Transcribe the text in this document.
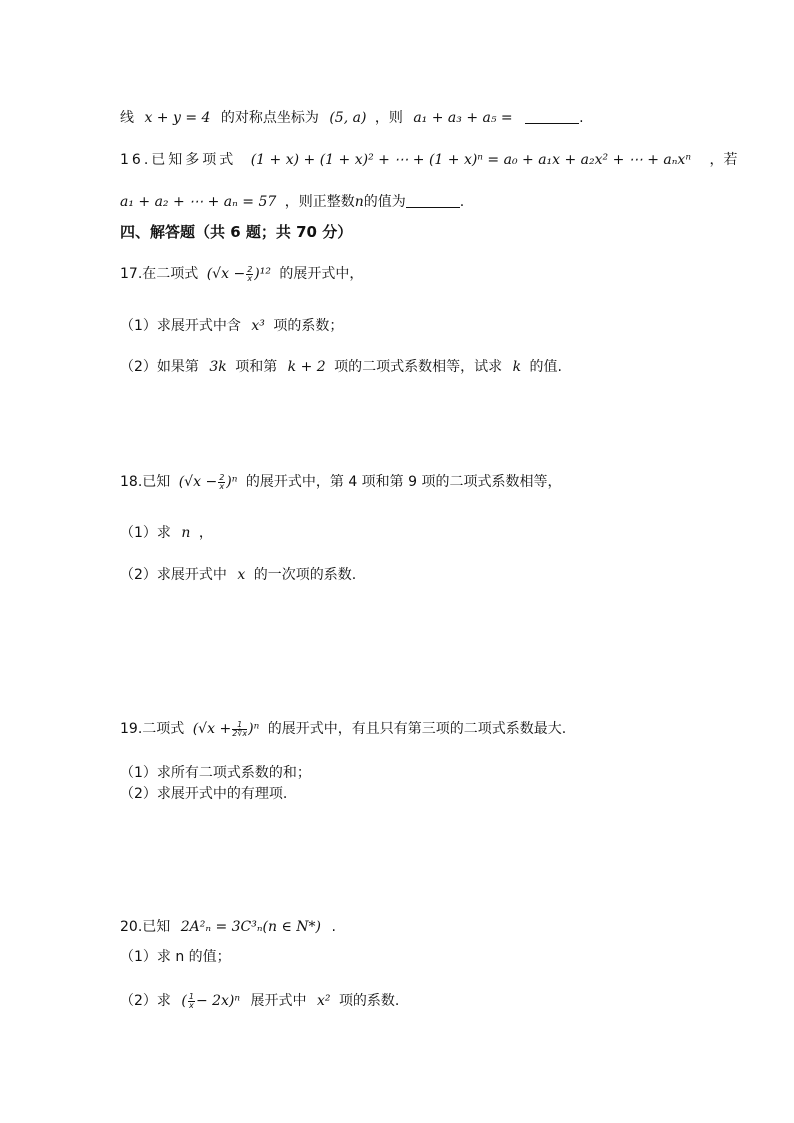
线 x + y = 4 的对称点坐标为 (5, a) ，则 a₁ + a₃ + a₅ =	.
16.已知多项式 (1 + x) + (1 + x)² + ⋯ + (1 + x)ⁿ = a₀ + a₁x + a₂x² + ⋯ + aₙxⁿ ，若
a₁ + a₂ + ⋯ + aₙ = 57 ，则正整数n的值为	.
四、解答题（共 6 题；共 70 分）
17.在二项式 $(√x - \frac{2}{x} )^{12}$ 的展开式中，
（1）求展开式中含 x³ 项的系数；
（2）如果第 3k 项和第 k + 2 项的二项式系数相等，试求 k 的值.
18.已知 $(√x - \frac{2}{x} )^n$ 的展开式中，第 4 项和第 9 项的二项式系数相等，
（1）求 n ，
（2）求展开式中 x 的一次项的系数.
19.二项式 $(√x + \frac{1}{2∜x} )^n$ 的展开式中，有且只有第三项的二项式系数最大.
（1）求所有二项式系数的和；
（2）求展开式中的有理项.
20.已知 2A²ₙ = 3C³ₙ(n ∈ N*) .
（1）求 n 的值；
（2）求 ( $\frac{1}{x} - 2x)^n$ 展开式中 x² 项的系数.
